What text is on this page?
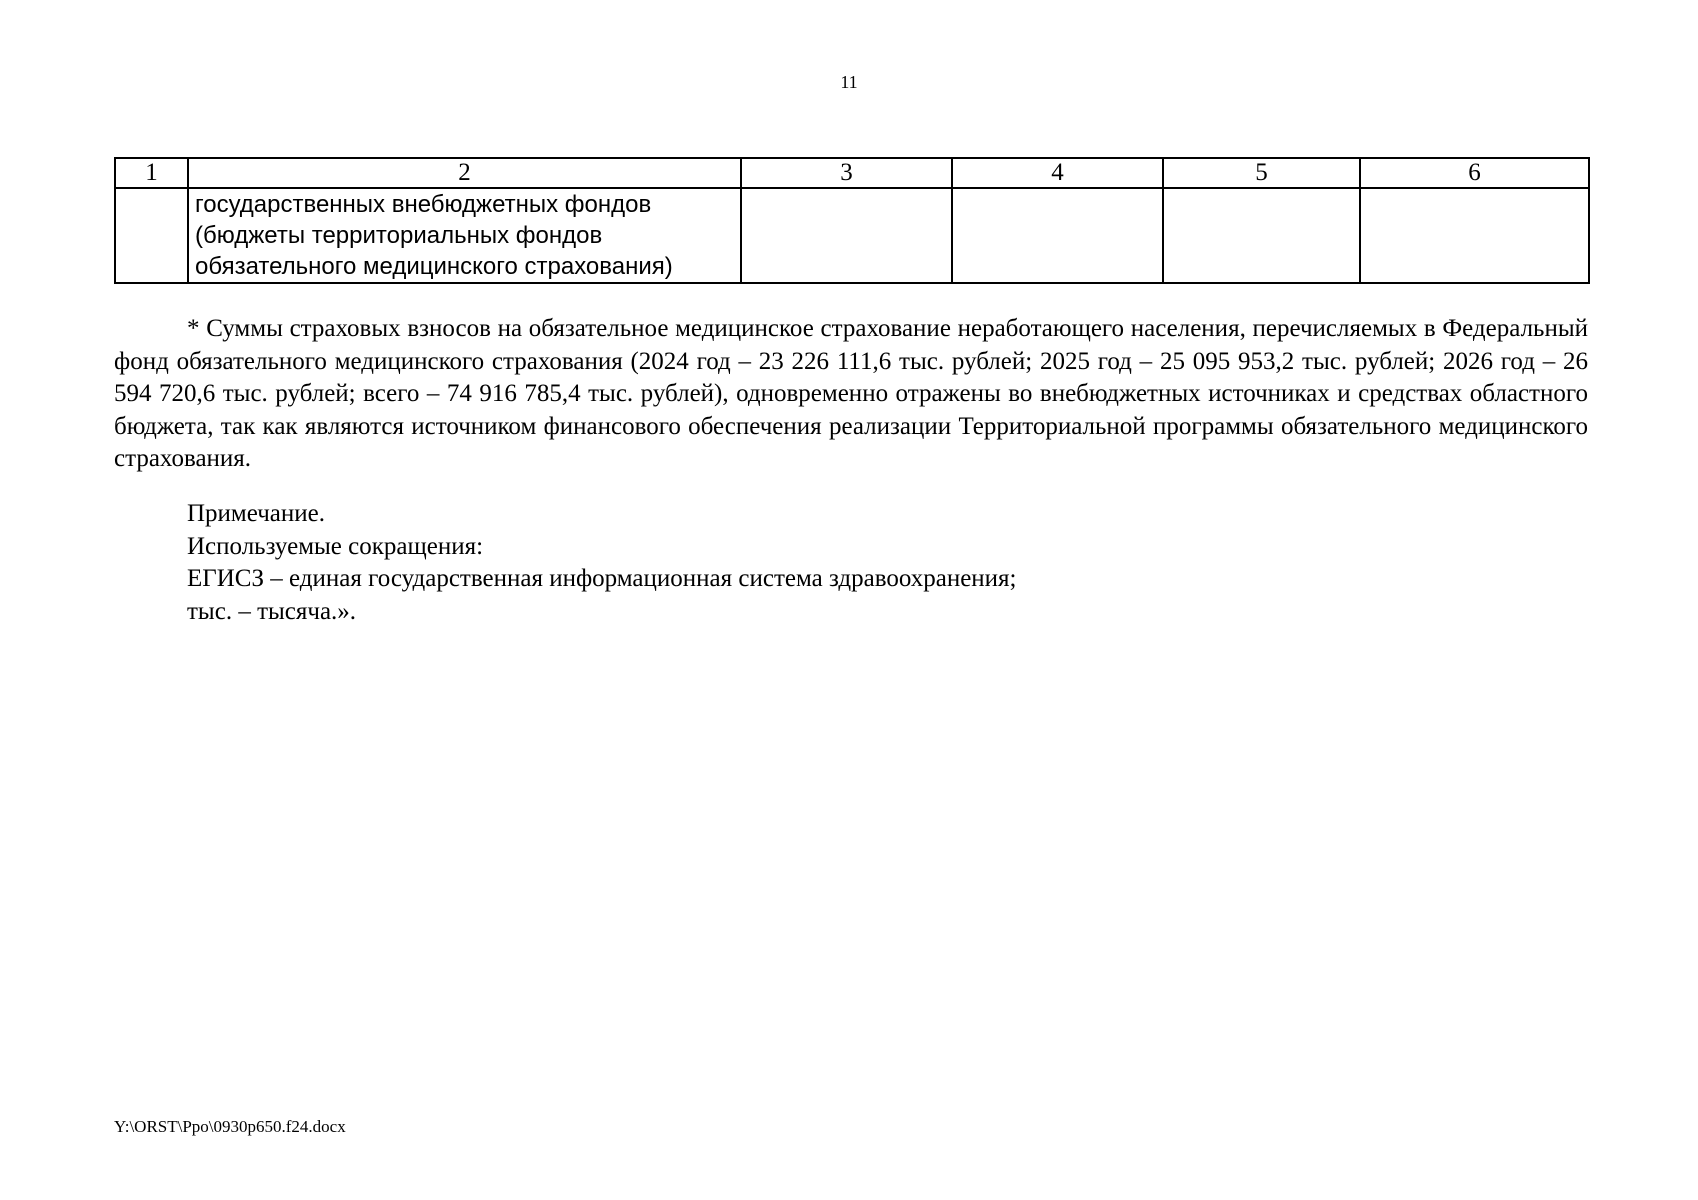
11
1	2	3	4	5	6

	государственных внебюджетных фондов
(бюджеты территориальных фондов
обязательного медицинского страхования)				

* Суммы страховых взносов на обязательное медицинское страхование неработающего населения, перечисляемых в Федеральный фонд обязательного медицинского страхования (2024 год – 23 226 111,6 тыс. рублей; 2025 год – 25 095 953,2 тыс. рублей; 2026 год – 26 594 720,6 тыс. рублей; всего – 74 916 785,4 тыс. рублей), одновременно отражены во внебюджетных источниках и средствах областного бюджета, так как являются источником финансового обеспечения реализации Территориальной программы обязательного медицинского страхования.

Примечание.
Используемые сокращения:
ЕГИСЗ – единая государственная информационная система здравоохранения;
тыс. – тысяча.».
Y:\ORST\Ppo\0930p650.f24.docx
